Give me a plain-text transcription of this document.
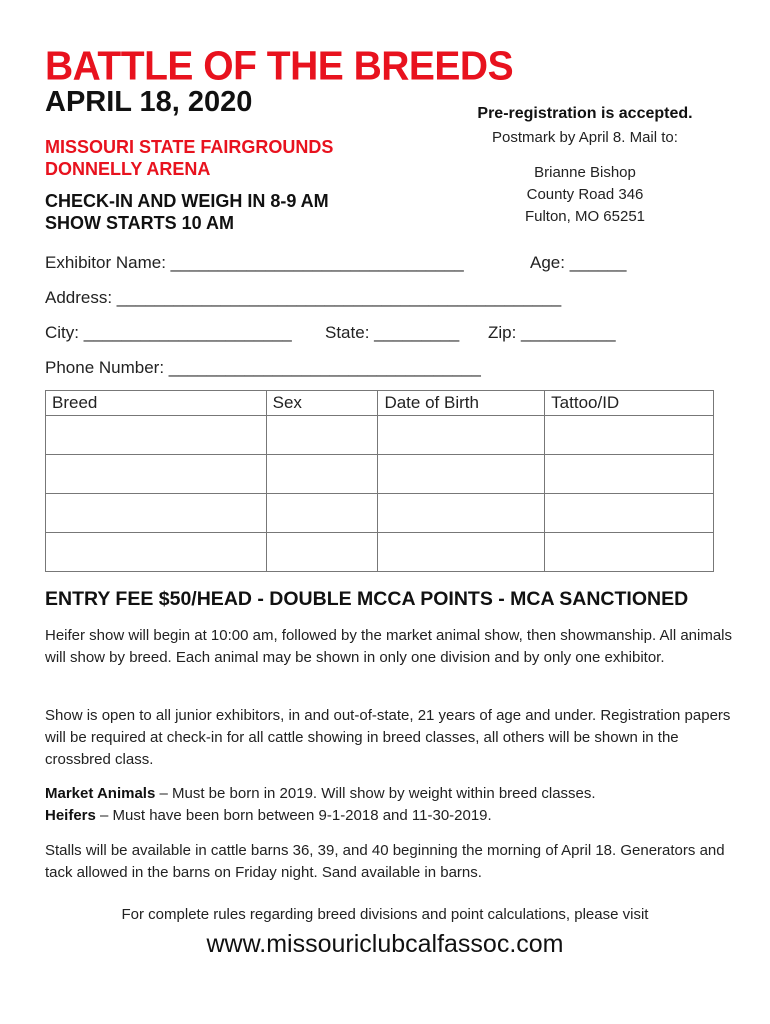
BATTLE OF THE BREEDS
APRIL 18, 2020
MISSOURI STATE FAIRGROUNDS
DONNELLY ARENA
CHECK-IN AND WEIGH IN 8-9 AM
SHOW STARTS 10 AM
Pre-registration is accepted.
Postmark by April 8. Mail to:
Brianne Bishop
County Road 346
Fulton, MO 65251
Exhibitor Name: _______________________________	Age: ______
Address: _______________________________________________
City: ______________________ State: _________ Zip: __________
Phone Number: _________________________________
Breed	Sex	Date of Birth	Tattoo/ID

ENTRY FEE $50/HEAD - DOUBLE MCCA POINTS - MCA SANCTIONED
Heifer show will begin at 10:00 am, followed by the market animal show, then showmanship. All animals will show by breed. Each animal may be shown in only one division and by only one exhibitor.
Show is open to all junior exhibitors, in and out-of-state, 21 years of age and under. Registration papers will be required at check-in for all cattle showing in breed classes, all others will be shown in the crossbred class.
Market Animals – Must be born in 2019. Will show by weight within breed classes.
Heifers – Must have been born between 9-1-2018 and 11-30-2019.
Stalls will be available in cattle barns 36, 39, and 40 beginning the morning of April 18. Generators and tack allowed in the barns on Friday night. Sand available in barns.
For complete rules regarding breed divisions and point calculations, please visit
www.missouriclubcalfassoc.com
